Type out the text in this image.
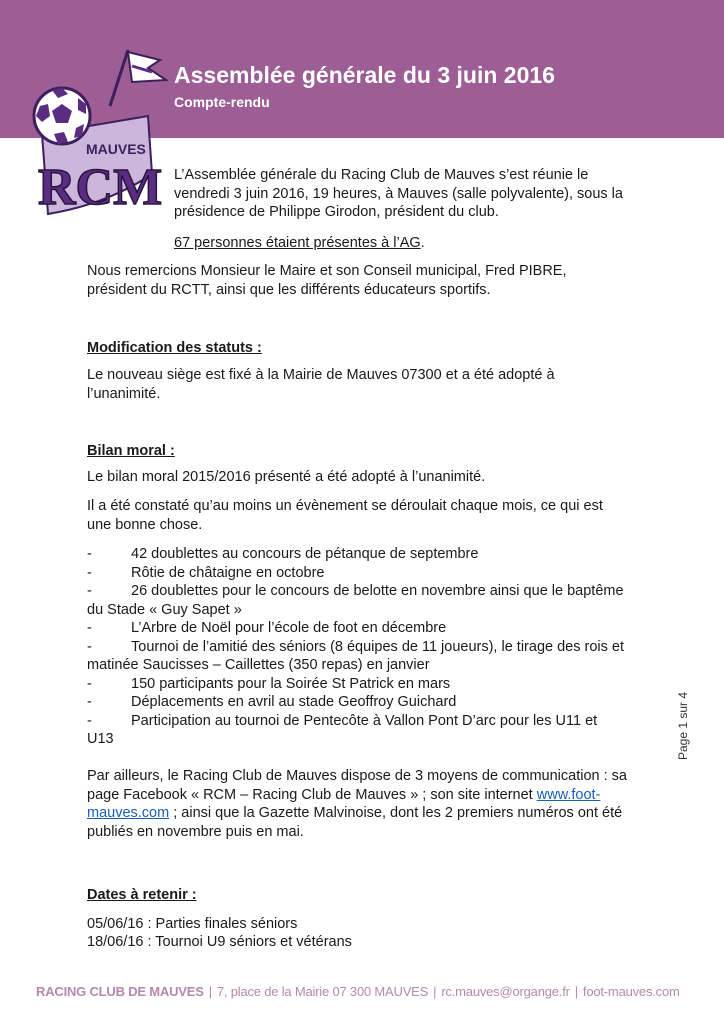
Assemblée générale du 3 juin 2016
Compte-rendu
MAUVES
RCM L’Assemblée générale du Racing Club de Mauves s’est réunie le vendredi 3 juin 2016, 19 heures, à Mauves (salle polyvalente), sous la présidence de Philippe Girodon, président du club.

67 personnes étaient présentes à l’AG.

Nous remercions Monsieur le Maire et son Conseil municipal, Fred PIBRE, président du RCTT, ainsi que les différents éducateurs sportifs.

Modification des statuts :

Le nouveau siège est fixé à la Mairie de Mauves 07300 et a été adopté à l’unanimité.

Bilan moral :

Le bilan moral 2015/2016 présenté a été adopté à l’unanimité.

Il a été constaté qu’au moins un évènement se déroulait chaque mois, ce qui est une bonne chose.

-	42 doublettes au concours de pétanque de septembre
-	Rôtie de châtaigne en octobre
-	26 doublettes pour le concours de belotte en novembre ainsi que le baptême du Stade « Guy Sapet »
-	L’Arbre de Noël pour l’école de foot en décembre
-	Tournoi de l’amitié des séniors (8 équipes de 11 joueurs), le tirage des rois et matinée Saucisses – Caillettes (350 repas) en janvier
-	150 participants pour la Soirée St Patrick en mars
-	Déplacements en avril au stade Geoffroy Guichard
-	Participation au tournoi de Pentecôte à Vallon Pont D’arc pour les U11 et U13

Par ailleurs, le Racing Club de Mauves dispose de 3 moyens de communication : sa page Facebook « RCM – Racing Club de Mauves » ; son site internet www.foot-mauves.com ; ainsi que la Gazette Malvinoise, dont les 2 premiers numéros ont été publiés en novembre puis en mai.

Dates à retenir :

05/06/16 : Parties finales séniors

18/06/16 : Tournoi U9 séniors et vétérans

Page 1 sur 4
RACING CLUB DE MAUVES | 7, place de la Mairie 07 300 MAUVES | rc.mauves@organge.fr | foot-mauves.com
